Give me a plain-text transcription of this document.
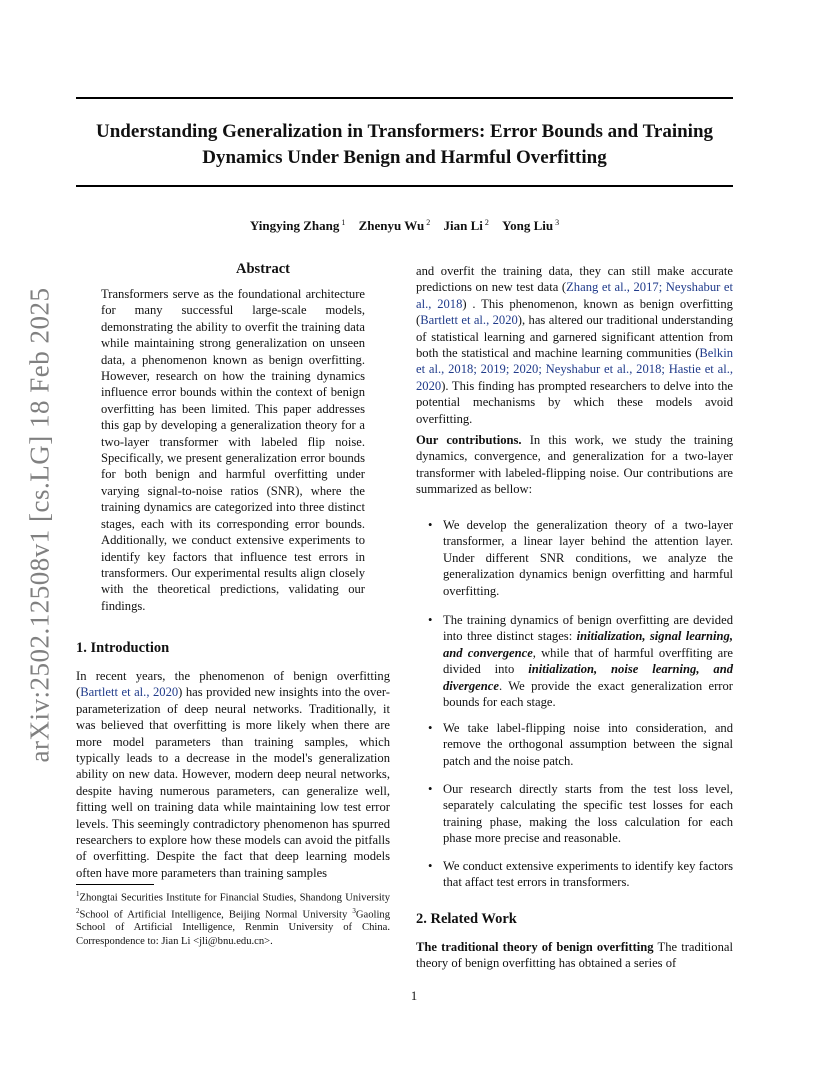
Understanding Generalization in Transformers: Error Bounds and Training Dynamics Under Benign and Harmful Overfitting
Yingying Zhang $^1$ Zhenyu Wu $^2$ Jian Li $^2$ Yong Liu $^3$
arXiv:2502.12508v1 [cs.LG] 18 Feb 2025
Abstract

Transformers serve as the foundational architecture for many successful large-scale models, demonstrating the ability to overfit the training data while maintaining strong generalization on unseen data, a phenomenon known as benign overfitting. However, research on how the training dynamics influence error bounds within the context of benign overfitting has been limited. This paper addresses this gap by developing a generalization theory for a two-layer transformer with labeled flip noise. Specifically, we present generalization error bounds for both benign and harmful overfitting under varying signal-to-noise ratios (SNR), where the training dynamics are categorized into three distinct stages, each with its corresponding error bounds. Additionally, we conduct extensive experiments to identify key factors that influence test errors in transformers. Our experimental results align closely with the theoretical predictions, validating our findings.

1. Introduction

In recent years, the phenomenon of benign overfitting (Bartlett et al., 2020) has provided new insights into the over-parameterization of deep neural networks. Traditionally, it was believed that overfitting is more likely when there are more model parameters than training samples, which typically leads to a decrease in the model's generalization ability on new data. However, modern deep neural networks, despite having numerous parameters, can generalize well, fitting well on training data while maintaining low test error levels. This seemingly contradictory phenomenon has spurred researchers to explore how these models can avoid the pitfalls of overfitting. Despite the fact that deep learning models often have more parameters than training samples

$^1$Zhongtai Securities Institute for Financial Studies, Shandong University $^2$School of Artificial Intelligence, Beijing Normal University $^3$Gaoling School of Artificial Intelligence, Renmin University of China. Correspondence to: Jian Li <jli@bnu.edu.cn>.

and overfit the training data, they can still make accurate predictions on new test data (Zhang et al., 2017; Neyshabur et al., 2018) . This phenomenon, known as benign overfitting (Bartlett et al., 2020), has altered our traditional understanding of statistical learning and garnered significant attention from both the statistical and machine learning communities (Belkin et al., 2018; 2019; 2020; Neyshabur et al., 2018; Hastie et al., 2020). This finding has prompted researchers to delve into the potential mechanisms by which these models avoid overfitting.

Our contributions. In this work, we study the training dynamics, convergence, and generalization for a two-layer transformer with labeled-flipping noise. Our contributions are summarized as bellow:

• We develop the generalization theory of a two-layer transformer, a linear layer behind the attention layer. Under different SNR conditions, we analyze the generalization dynamics benign overfitting and harmful overfitting.
• The training dynamics of benign overfitting are devided into three distinct stages: initialization, signal learning, and convergence, while that of harmful overffiting are divided into initialization, noise learning, and divergence. We provide the exact generalization error bounds for each stage.
• We take label-flipping noise into consideration, and remove the orthogonal assumption between the signal patch and the noise patch.
• Our research directly starts from the test loss level, separately calculating the specific test losses for each training phase, making the loss calculation for each phase more precise and reasonable.
• We conduct extensive experiments to identify key factors that affact test errors in transformers.
2. Related Work

The traditional theory of benign overfitting The traditional theory of benign overfitting has obtained a series of

1
